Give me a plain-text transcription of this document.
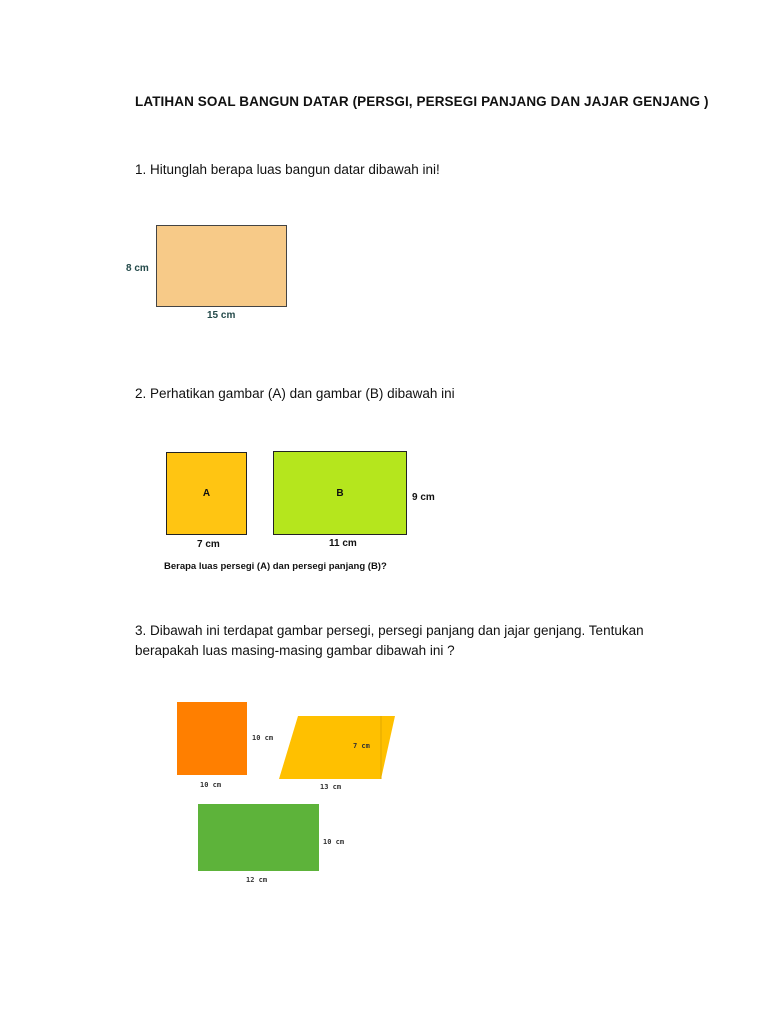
LATIHAN SOAL BANGUN DATAR (PERSGI, PERSEGI PANJANG DAN JAJAR GENJANG )
1. Hitunglah berapa luas bangun datar dibawah ini!
8 cm
15 cm
2. Perhatikan gambar (A) dan gambar (B) dibawah ini
A	B
7 cm	11 cm
9 cm
Berapa luas persegi (A) dan persegi panjang (B)?
3. Dibawah ini terdapat gambar persegi, persegi panjang dan jajar genjang. Tentukan berapakah luas masing-masing gambar dibawah ini ?
10 cm
10 cm
7 cm
13 cm
10 cm
12 cm
